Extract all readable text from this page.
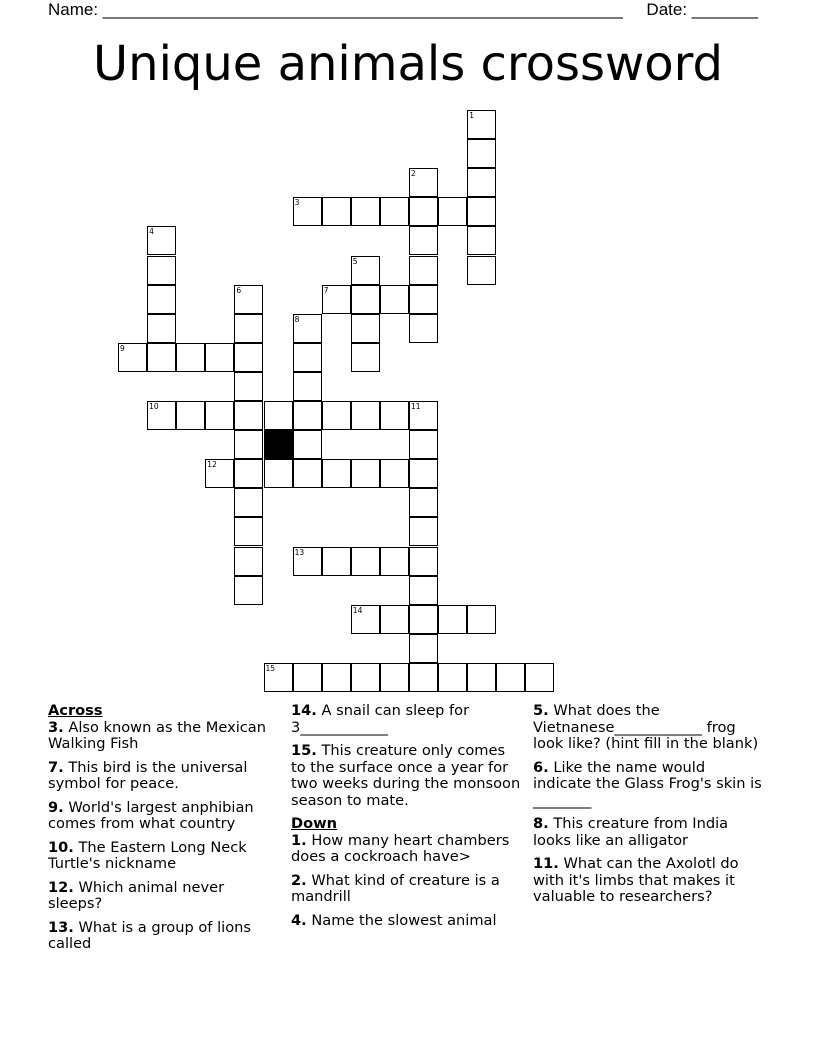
Name: _______________________________________________________ Date: _______
Unique animals crossword
1
2
3
4
5
6	7
8
9
10	11
12
13
14
15
Across
3. Also known as the Mexican Walking Fish
7. This bird is the universal symbol for peace.
9. World's largest anphibian comes from what country
10. The Eastern Long Neck Turtle's nickname
12. Which animal never sleeps?
13. What is a group of lions called
14. A snail can sleep for 3____________
15. This creature only comes to the surface once a year for two weeks during the monsoon season to mate.
Down
1. How many heart chambers does a cockroach have>
2. What kind of creature is a mandrill
4. Name the slowest animal
5. What does the Vietnanese____________ frog look like? (hint fill in the blank)
6. Like the name would indicate the Glass Frog's skin is ________
8. This creature from India looks like an alligator
11. What can the Axolotl do with it's limbs that makes it valuable to researchers?
